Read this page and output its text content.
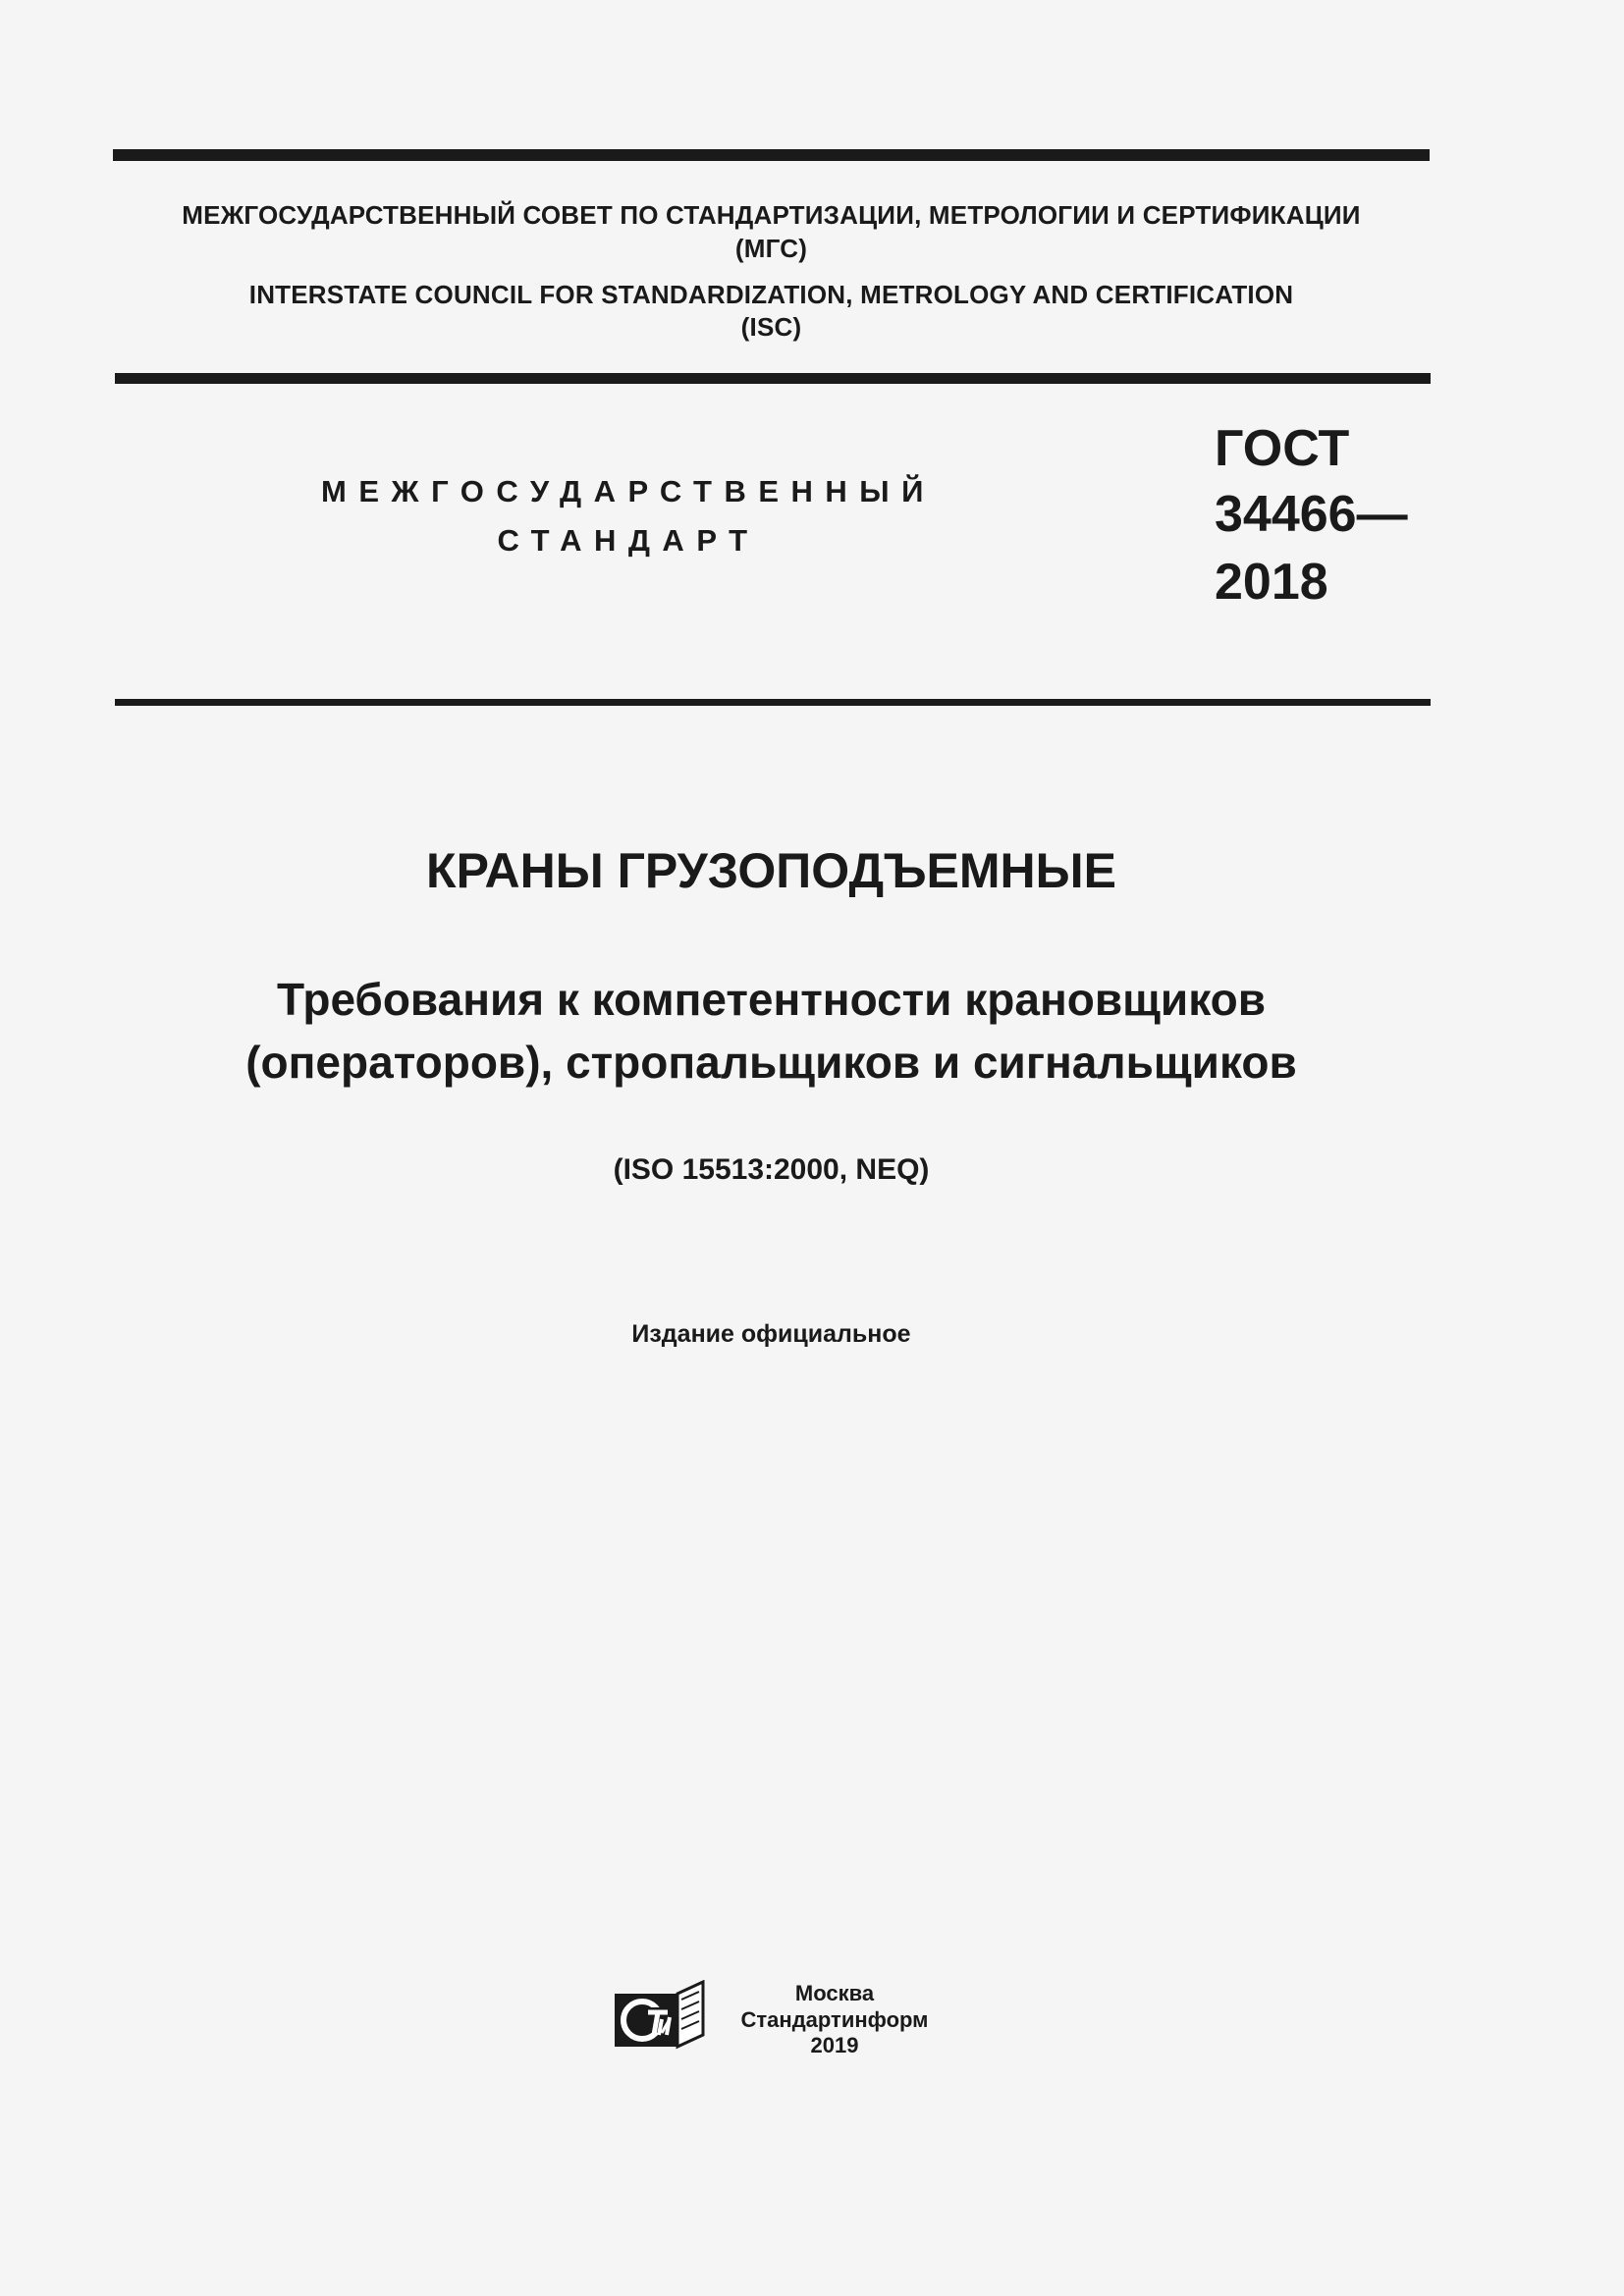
МЕЖГОСУДАРСТВЕННЫЙ СОВЕТ ПО СТАНДАРТИЗАЦИИ, МЕТРОЛОГИИ И СЕРТИФИКАЦИИ
(МГС)
INTERSTATE COUNCIL FOR STANDARDIZATION, METROLOGY AND CERTIFICATION
(ISC)
МЕЖГОСУДАРСТВЕННЫЙ
СТАНДАРТ
ГОСТ
34466—
2018
КРАНЫ ГРУЗОПОДЪЕМНЫЕ
Требования к компетентности крановщиков
(операторов), стропальщиков и сигнальщиков
(ISO 15513:2000, NEQ)
Издание официальное
Москва
Стандартинформ
2019
